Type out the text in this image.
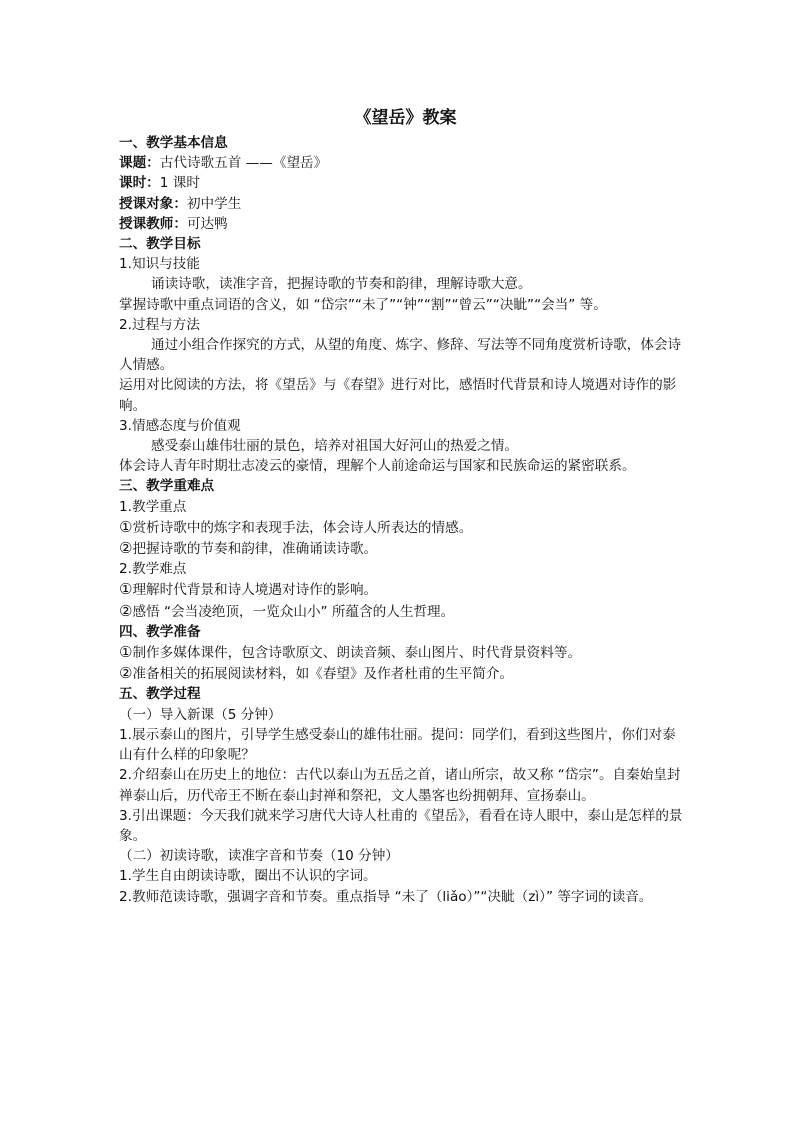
《望岳》教案
一、教学基本信息
课题：古代诗歌五首 ——《望岳》
课时：1 课时
授课对象：初中学生
授课教师：可达鸭
二、教学目标
1.知识与技能
诵读诗歌，读准字音，把握诗歌的节奏和韵律，理解诗歌大意。
掌握诗歌中重点词语的含义，如 “岱宗”“未了”“钟”“割”“曾云”“决眦”“会当” 等。
2.过程与方法
通过小组合作探究的方式，从望的角度、炼字、修辞、写法等不同角度赏析诗歌，体会诗人情感。
运用对比阅读的方法，将《望岳》与《春望》进行对比，感悟时代背景和诗人境遇对诗作的影响。
3.情感态度与价值观
感受泰山雄伟壮丽的景色，培养对祖国大好河山的热爱之情。
体会诗人青年时期壮志凌云的豪情，理解个人前途命运与国家和民族命运的紧密联系。
三、教学重难点
1.教学重点
①赏析诗歌中的炼字和表现手法，体会诗人所表达的情感。
②把握诗歌的节奏和韵律，准确诵读诗歌。
2.教学难点
①理解时代背景和诗人境遇对诗作的影响。
②感悟 “会当凌绝顶，一览众山小” 所蕴含的人生哲理。
四、教学准备
①制作多媒体课件，包含诗歌原文、朗读音频、泰山图片、时代背景资料等。
②准备相关的拓展阅读材料，如《春望》及作者杜甫的生平简介。
五、教学过程
（一）导入新课（5 分钟）
1.展示泰山的图片，引导学生感受泰山的雄伟壮丽。提问：同学们，看到这些图片，你们对泰山有什么样的印象呢？
2.介绍泰山在历史上的地位：古代以泰山为五岳之首，诸山所宗，故又称 “岱宗”。自秦始皇封禅泰山后，历代帝王不断在泰山封禅和祭祀，文人墨客也纷拥朝拜、宣扬泰山。
3.引出课题：今天我们就来学习唐代大诗人杜甫的《望岳》，看看在诗人眼中，泰山是怎样的景象。
（二）初读诗歌，读准字音和节奏（10 分钟）
1.学生自由朗读诗歌，圈出不认识的字词。
2.教师范读诗歌，强调字音和节奏。重点指导 “未了（liǎo）”“决眦（zì）” 等字词的读音。
